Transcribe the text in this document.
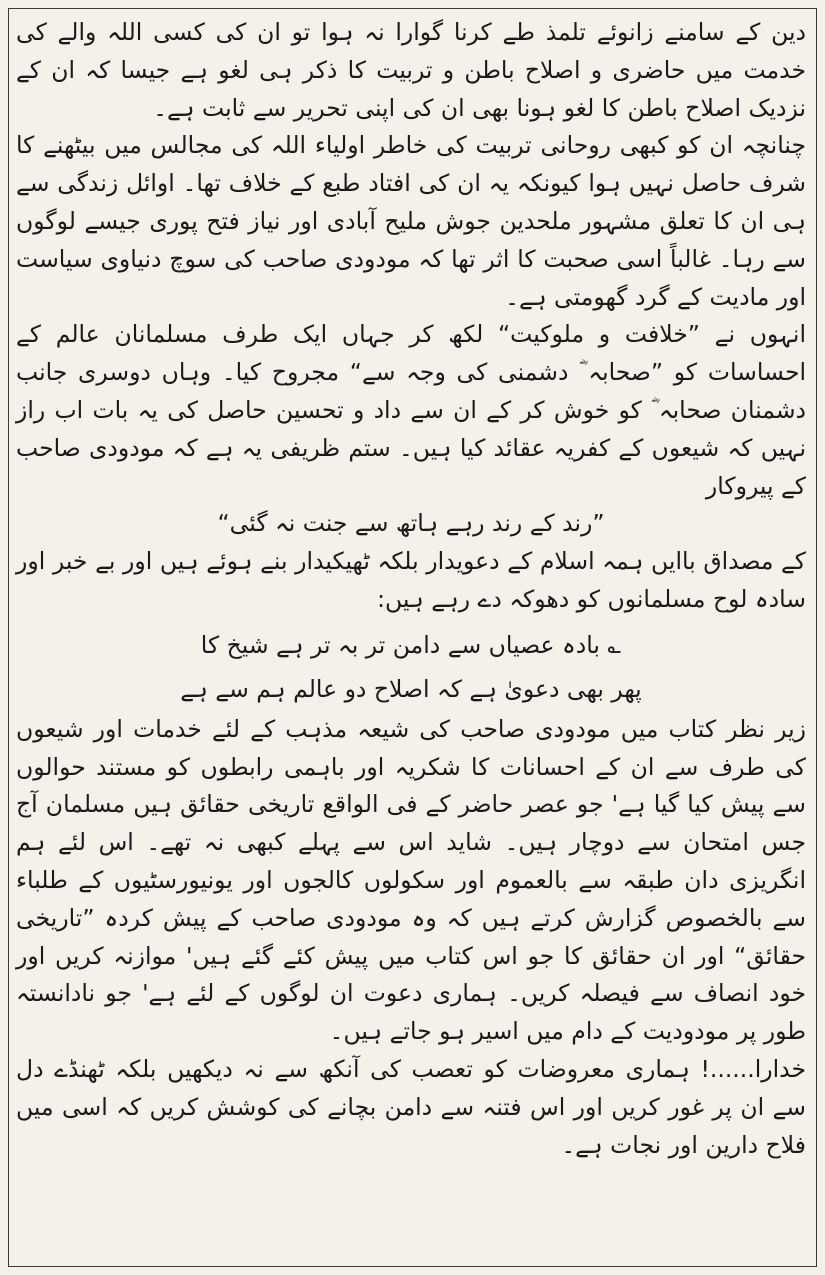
دین کے سامنے زانوئے تلمذ طے کرنا گوارا نہ ہوا تو ان کی کسی اللہ والے کی خدمت میں حاضری و اصلاح باطن و تربیت کا ذکر ہی لغو ہے جیسا کہ ان کے نزدیک اصلاح باطن کا لغو ہونا بھی ان کی اپنی تحریر سے ثابت ہے۔

چنانچہ ان کو کبھی روحانی تربیت کی خاطر اولیاء اللہ کی مجالس میں بیٹھنے کا شرف حاصل نہیں ہوا کیونکہ یہ ان کی افتاد طبع کے خلاف تھا۔ اوائل زندگی سے ہی ان کا تعلق مشہور ملحدین جوش ملیح آبادی اور نیاز فتح پوری جیسے لوگوں سے رہا۔ غالباً اسی صحبت کا اثر تھا کہ مودودی صاحب کی سوچ دنیاوی سیاست اور مادیت کے گرد گھومتی ہے۔

انہوں نے ”خلافت و ملوکیت“ لکھ کر جہاں ایک طرف مسلمانان عالم کے احساسات کو ”صحابہ ؓ دشمنی کی وجہ سے“ مجروح کیا۔ وہاں دوسری جانب دشمنان صحابہ ؓ کو خوش کر کے ان سے داد و تحسین حاصل کی یہ بات اب راز نہیں کہ شیعوں کے کفریہ عقائد کیا ہیں۔ ستم ظریفی یہ ہے کہ مودودی صاحب کے پیروکار

”رند کے رند رہے ہاتھ سے جنت نہ گئی“

کے مصداق باایں ہمہ اسلام کے دعویدار بلکہ ٹھیکیدار بنے ہوئے ہیں اور بے خبر اور سادہ لوح مسلمانوں کو دھوکہ دے رہے ہیں:

؎ بادہ عصیاں سے دامن تر بہ تر ہے شیخ کا

پھر بھی دعویٰ ہے کہ اصلاح دو عالم ہم سے ہے

زیر نظر کتاب میں مودودی صاحب کی شیعہ مذہب کے لئے خدمات اور شیعوں کی طرف سے ان کے احسانات کا شکریہ اور باہمی رابطوں کو مستند حوالوں سے پیش کیا گیا ہے' جو عصر حاضر کے فی الواقع تاریخی حقائق ہیں مسلمان آج جس امتحان سے دوچار ہیں۔ شاید اس سے پہلے کبھی نہ تھے۔ اس لئے ہم انگریزی دان طبقہ سے بالعموم اور سکولوں کالجوں اور یونیورسٹیوں کے طلباء سے بالخصوص گزارش کرتے ہیں کہ وہ مودودی صاحب کے پیش کردہ ”تاریخی حقائق“ اور ان حقائق کا جو اس کتاب میں پیش کئے گئے ہیں' موازنہ کریں اور خود انصاف سے فیصلہ کریں۔ ہماری دعوت ان لوگوں کے لئے ہے' جو نادانستہ طور پر مودودیت کے دام میں اسیر ہو جاتے ہیں۔

خدارا......! ہماری معروضات کو تعصب کی آنکھ سے نہ دیکھیں بلکہ ٹھنڈے دل سے ان پر غور کریں اور اس فتنہ سے دامن بچانے کی کوشش کریں کہ اسی میں فلاح دارین اور نجات ہے۔
